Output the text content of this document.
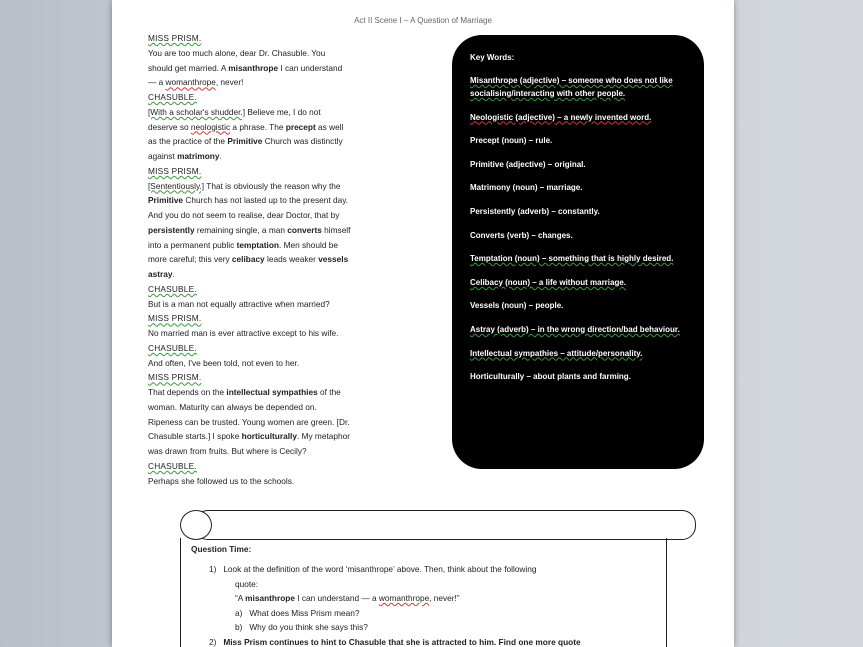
Act II Scene I – A Question of Marriage

MISS PRISM.

You are too much alone, dear Dr. Chasuble. You

should get married. A misanthrope I can understand

— a womanthrope, never!

CHASUBLE.

[With a scholar's shudder.] Believe me, I do not

deserve so neologistic a phrase. The precept as well

as the practice of the Primitive Church was distinctly

against matrimony.

MISS PRISM.

[Sententiously.] That is obviously the reason why the

Primitive Church has not lasted up to the present day.

And you do not seem to realise, dear Doctor, that by

persistently remaining single, a man converts himself

into a permanent public temptation. Men should be

more careful; this very celibacy leads weaker vessels

astray.

CHASUBLE.

But is a man not equally attractive when married?

MISS PRISM.

No married man is ever attractive except to his wife.

CHASUBLE.

And often, I've been told, not even to her.

MISS PRISM.

That depends on the intellectual sympathies of the

woman. Maturity can always be depended on.

Ripeness can be trusted. Young women are green. [Dr.

Chasuble starts.] I spoke horticulturally. My metaphor

was drawn from fruits. But where is Cecily?

CHASUBLE.

Perhaps she followed us to the schools.

Key Words:
Misanthrope (adjective) – someone who does not like socialising/interacting with other people.
Neologistic (adjective) – a newly invented word.
Precept (noun) – rule.
Primitive (adjective) – original.
Matrimony (noun) – marriage.
Persistently (adverb) – constantly.
Converts (verb) – changes.
Temptation (noun) – something that is highly desired.
Celibacy (noun) – a life without marriage.
Vessels (noun) – people.
Astray (adverb) – in the wrong direction/bad behaviour.
Intellectual sympathies – attitude/personality.
Horticulturally – about plants and farming.
Question Time:
1) Look at the definition of the word ‘misanthrope’ above. Then, think about the following
quote:
“A misanthrope I can understand — a womanthrope, never!”
a) What does Miss Prism mean?
b) Why do you think she says this?
2) Miss Prism continues to hint to Chasuble that she is attracted to him. Find one more quote
